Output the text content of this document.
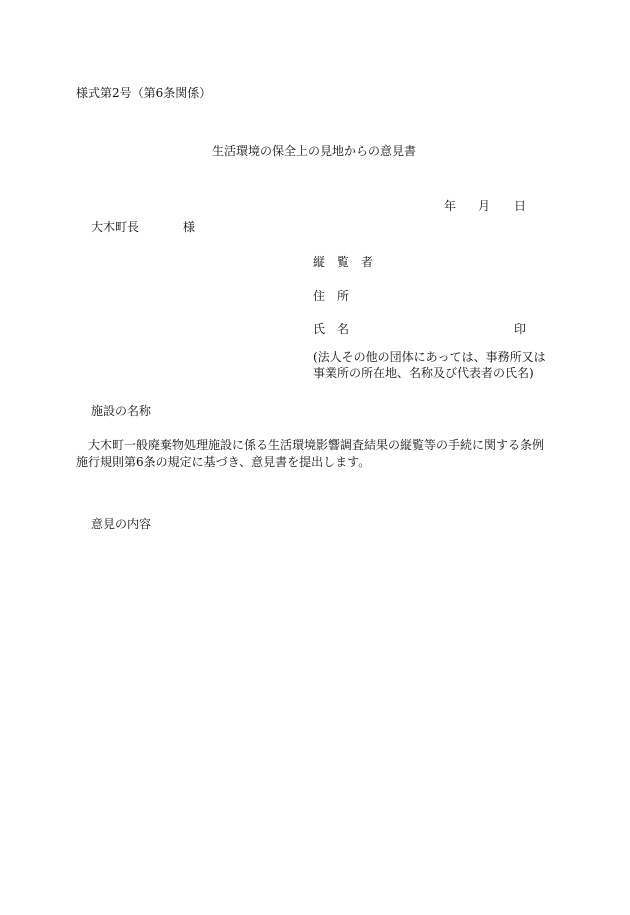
様式第2号（第6条関係）
生活環境の保全上の見地からの意見書
年 月 日
大木町長	様
縦 覧 者
住 所
氏 名	印
(法人その他の団体にあっては、事務所又は
事業所の所在地、名称及び代表者の氏名)
施設の名称
大木町一般廃棄物処理施設に係る生活環境影響調査結果の縦覧等の手続に関する条例施行規則第6条の規定に基づき、意見書を提出します。
意見の内容
